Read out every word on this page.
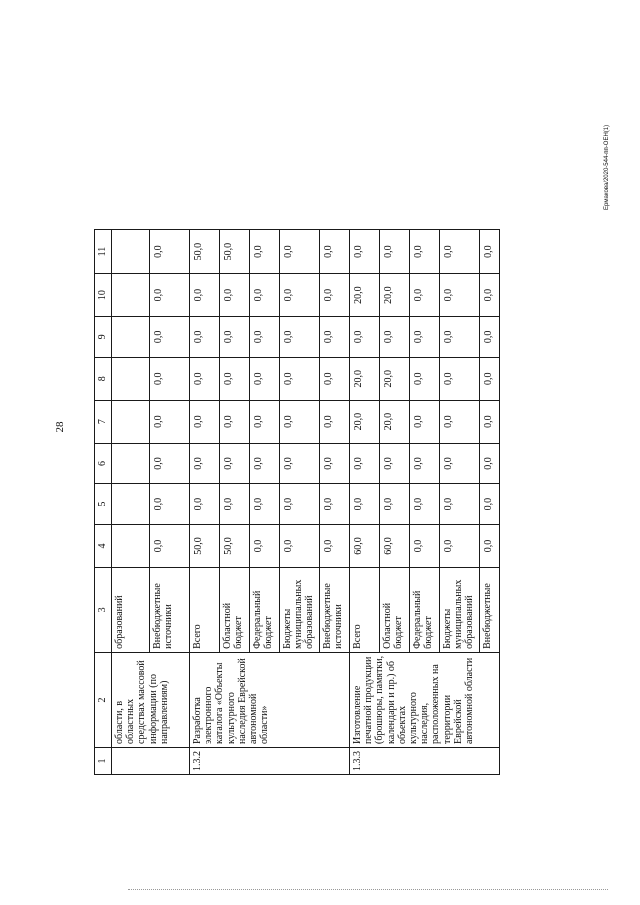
28
Ермакова/2020-544-пп-ОЕН(1)
1	2	3	4	5	6	7	8	9	10	11
	области, в областных средствах массовой информации (по направлениям)	образований								
		Внебюджетные источники	0,0	0,0	0,0	0,0	0,0	0,0	0,0	0,0
1.3.2	Разработка электронного каталога «Объекты культурного наследия Еврейской автономной области»	Всего	50,0	0,0	0,0	0,0	0,0	0,0	0,0	50,0
		Областной бюджет	50,0	0,0	0,0	0,0	0,0	0,0	0,0	50,0
		Федеральный бюджет	0,0	0,0	0,0	0,0	0,0	0,0	0,0	0,0
		Бюджеты муниципальных образований	0,0	0,0	0,0	0,0	0,0	0,0	0,0	0,0
		Внебюджетные источники	0,0	0,0	0,0	0,0	0,0	0,0	0,0	0,0
1.3.3	Изготовление печатной продукции (брошюры, памятки, календари и пр.) об объектах культурного наследия, расположенных на территории Еврейской автономной области	Всего	60,0	0,0	0,0	20,0	20,0	0,0	20,0	0,0
		Областной бюджет	60,0	0,0	0,0	20,0	20,0	0,0	20,0	0,0
		Федеральный бюджет	0,0	0,0	0,0	0,0	0,0	0,0	0,0	0,0
		Бюджеты муниципальных образований	0,0	0,0	0,0	0,0	0,0	0,0	0,0	0,0
		Внебюджетные	0,0	0,0	0,0	0,0	0,0	0,0	0,0	0,0
